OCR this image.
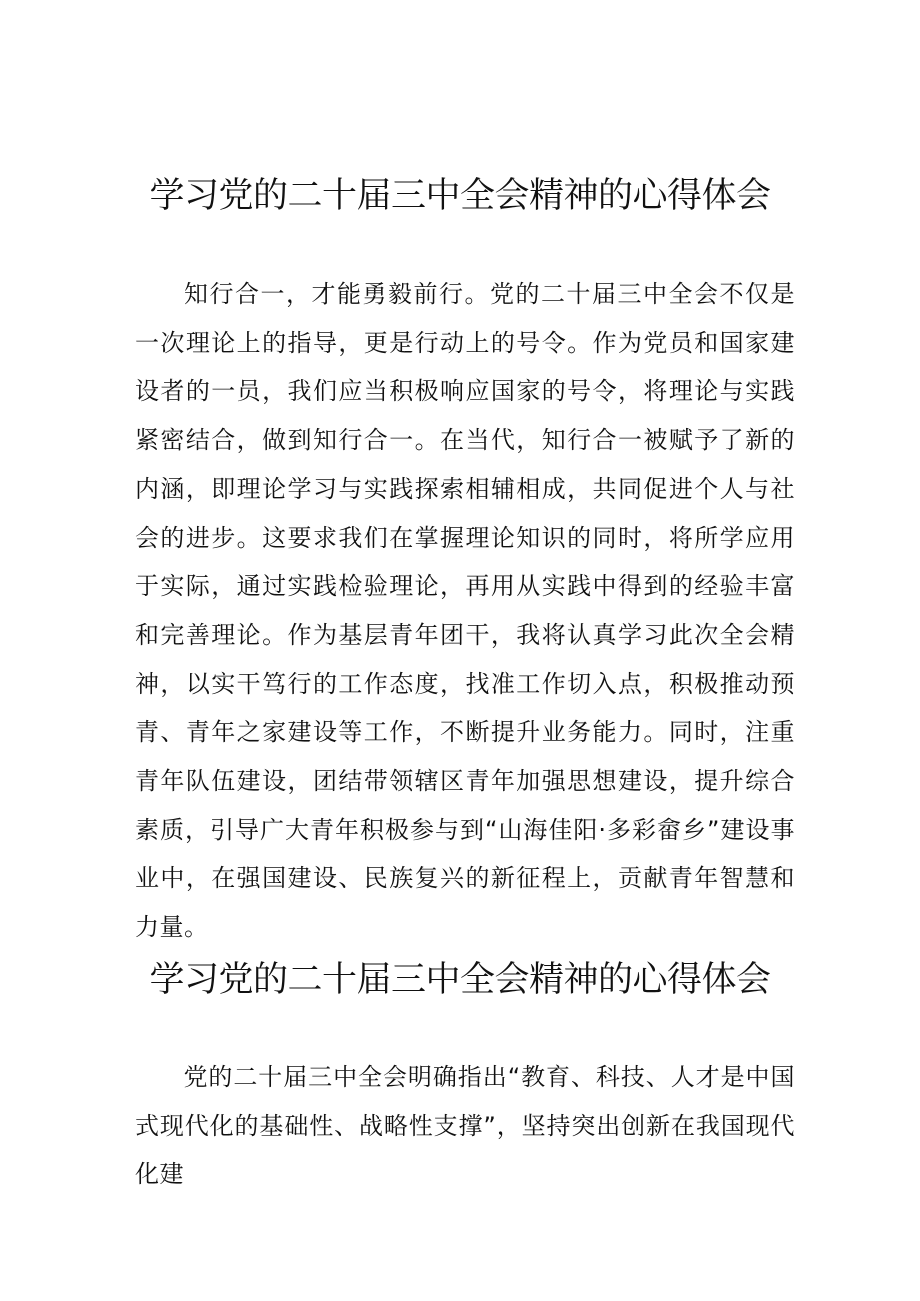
学习党的二十届三中全会精神的心得体会

知行合一，才能勇毅前行。党的二十届三中全会不仅是一次理论上的指导，更是行动上的号令。作为党员和国家建设者的一员，我们应当积极响应国家的号令，将理论与实践紧密结合，做到知行合一。在当代，知行合一被赋予了新的内涵，即理论学习与实践探索相辅相成，共同促进个人与社会的进步。这要求我们在掌握理论知识的同时，将所学应用于实际，通过实践检验理论，再用从实践中得到的经验丰富和完善理论。作为基层青年团干，我将认真学习此次全会精神，以实干笃行的工作态度，找准工作切入点，积极推动预青、青年之家建设等工作，不断提升业务能力。同时，注重青年队伍建设，团结带领辖区青年加强思想建设，提升综合素质，引导广大青年积极参与到“山海佳阳·多彩畲乡”建设事业中，在强国建设、民族复兴的新征程上，贡献青年智慧和力量。

学习党的二十届三中全会精神的心得体会

党的二十届三中全会明确指出“教育、科技、人才是中国式现代化的基础性、战略性支撑”，坚持突出创新在我国现代化建
